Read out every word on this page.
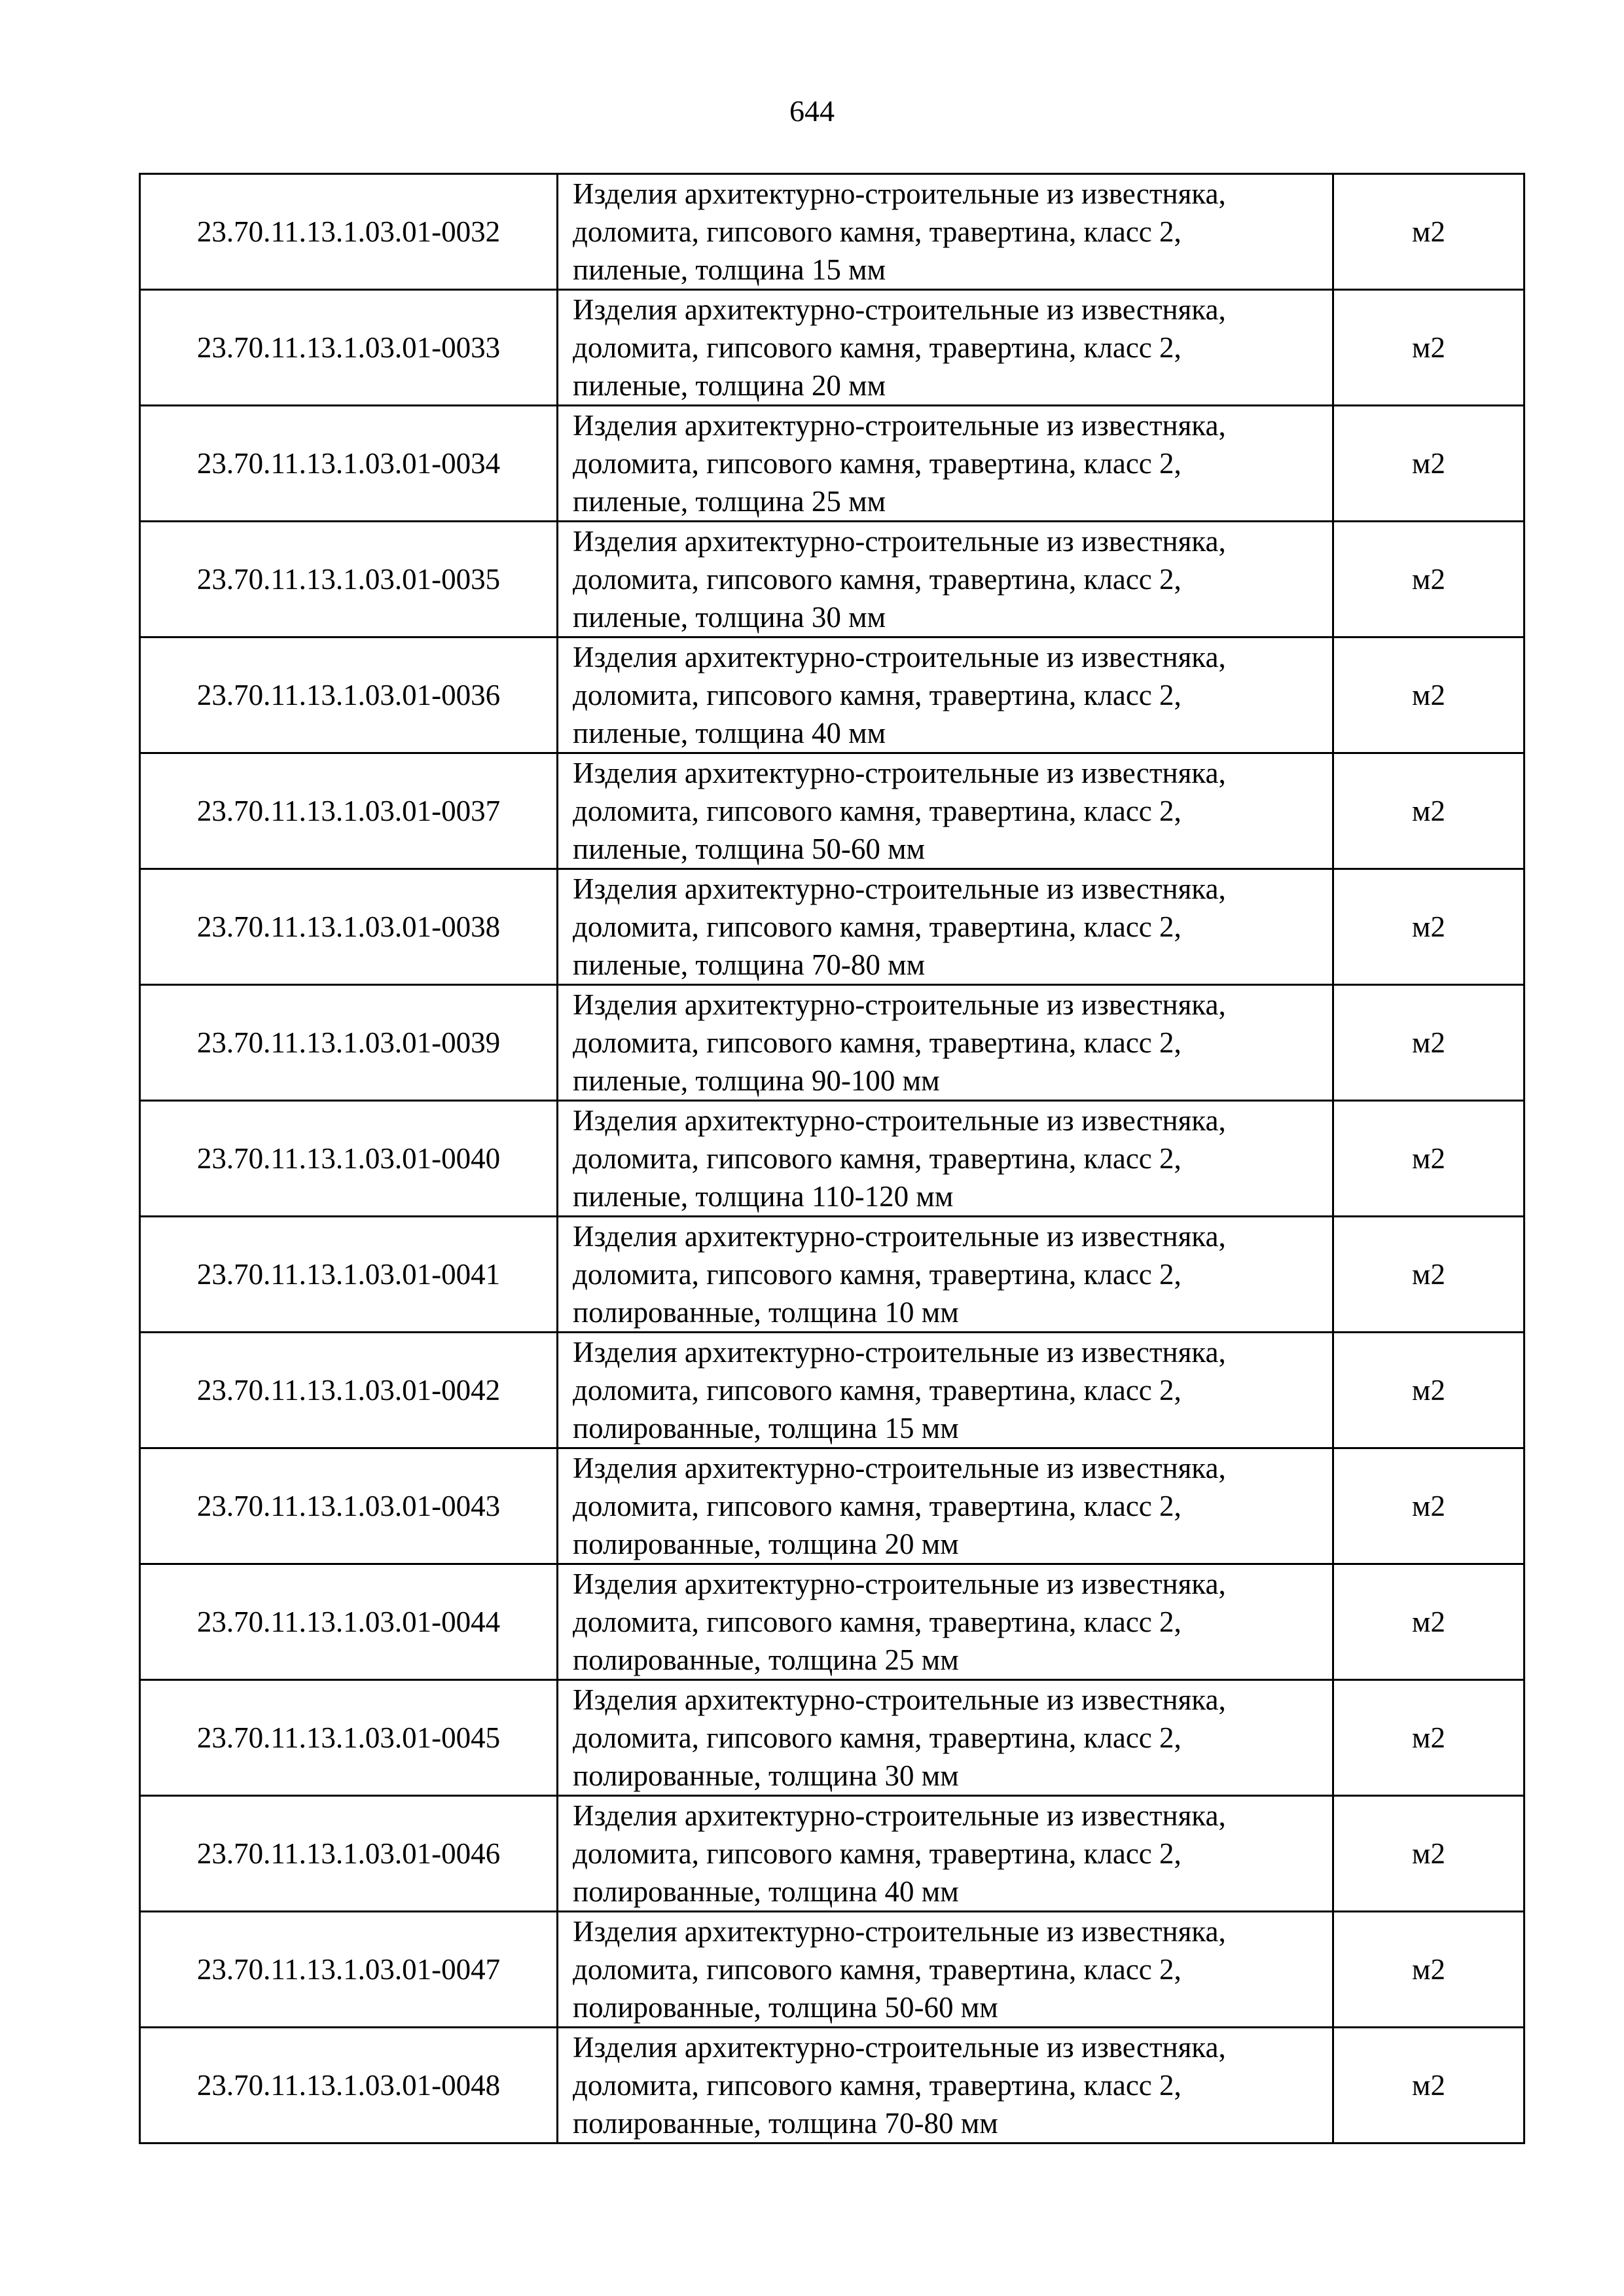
644
23.70.11.13.1.03.01-0032	Изделия архитектурно-строительные из известняка,
доломита, гипсового камня, травертина, класс 2,
пиленые, толщина 15 мм	м2
23.70.11.13.1.03.01-0033	Изделия архитектурно-строительные из известняка,
доломита, гипсового камня, травертина, класс 2,
пиленые, толщина 20 мм	м2
23.70.11.13.1.03.01-0034	Изделия архитектурно-строительные из известняка,
доломита, гипсового камня, травертина, класс 2,
пиленые, толщина 25 мм	м2
23.70.11.13.1.03.01-0035	Изделия архитектурно-строительные из известняка,
доломита, гипсового камня, травертина, класс 2,
пиленые, толщина 30 мм	м2
23.70.11.13.1.03.01-0036	Изделия архитектурно-строительные из известняка,
доломита, гипсового камня, травертина, класс 2,
пиленые, толщина 40 мм	м2
23.70.11.13.1.03.01-0037	Изделия архитектурно-строительные из известняка,
доломита, гипсового камня, травертина, класс 2,
пиленые, толщина 50-60 мм	м2
23.70.11.13.1.03.01-0038	Изделия архитектурно-строительные из известняка,
доломита, гипсового камня, травертина, класс 2,
пиленые, толщина 70-80 мм	м2
23.70.11.13.1.03.01-0039	Изделия архитектурно-строительные из известняка,
доломита, гипсового камня, травертина, класс 2,
пиленые, толщина 90-100 мм	м2
23.70.11.13.1.03.01-0040	Изделия архитектурно-строительные из известняка,
доломита, гипсового камня, травертина, класс 2,
пиленые, толщина 110-120 мм	м2
23.70.11.13.1.03.01-0041	Изделия архитектурно-строительные из известняка,
доломита, гипсового камня, травертина, класс 2,
полированные, толщина 10 мм	м2
23.70.11.13.1.03.01-0042	Изделия архитектурно-строительные из известняка,
доломита, гипсового камня, травертина, класс 2,
полированные, толщина 15 мм	м2
23.70.11.13.1.03.01-0043	Изделия архитектурно-строительные из известняка,
доломита, гипсового камня, травертина, класс 2,
полированные, толщина 20 мм	м2
23.70.11.13.1.03.01-0044	Изделия архитектурно-строительные из известняка,
доломита, гипсового камня, травертина, класс 2,
полированные, толщина 25 мм	м2
23.70.11.13.1.03.01-0045	Изделия архитектурно-строительные из известняка,
доломита, гипсового камня, травертина, класс 2,
полированные, толщина 30 мм	м2
23.70.11.13.1.03.01-0046	Изделия архитектурно-строительные из известняка,
доломита, гипсового камня, травертина, класс 2,
полированные, толщина 40 мм	м2
23.70.11.13.1.03.01-0047	Изделия архитектурно-строительные из известняка,
доломита, гипсового камня, травертина, класс 2,
полированные, толщина 50-60 мм	м2
23.70.11.13.1.03.01-0048	Изделия архитектурно-строительные из известняка,
доломита, гипсового камня, травертина, класс 2,
полированные, толщина 70-80 мм	м2
